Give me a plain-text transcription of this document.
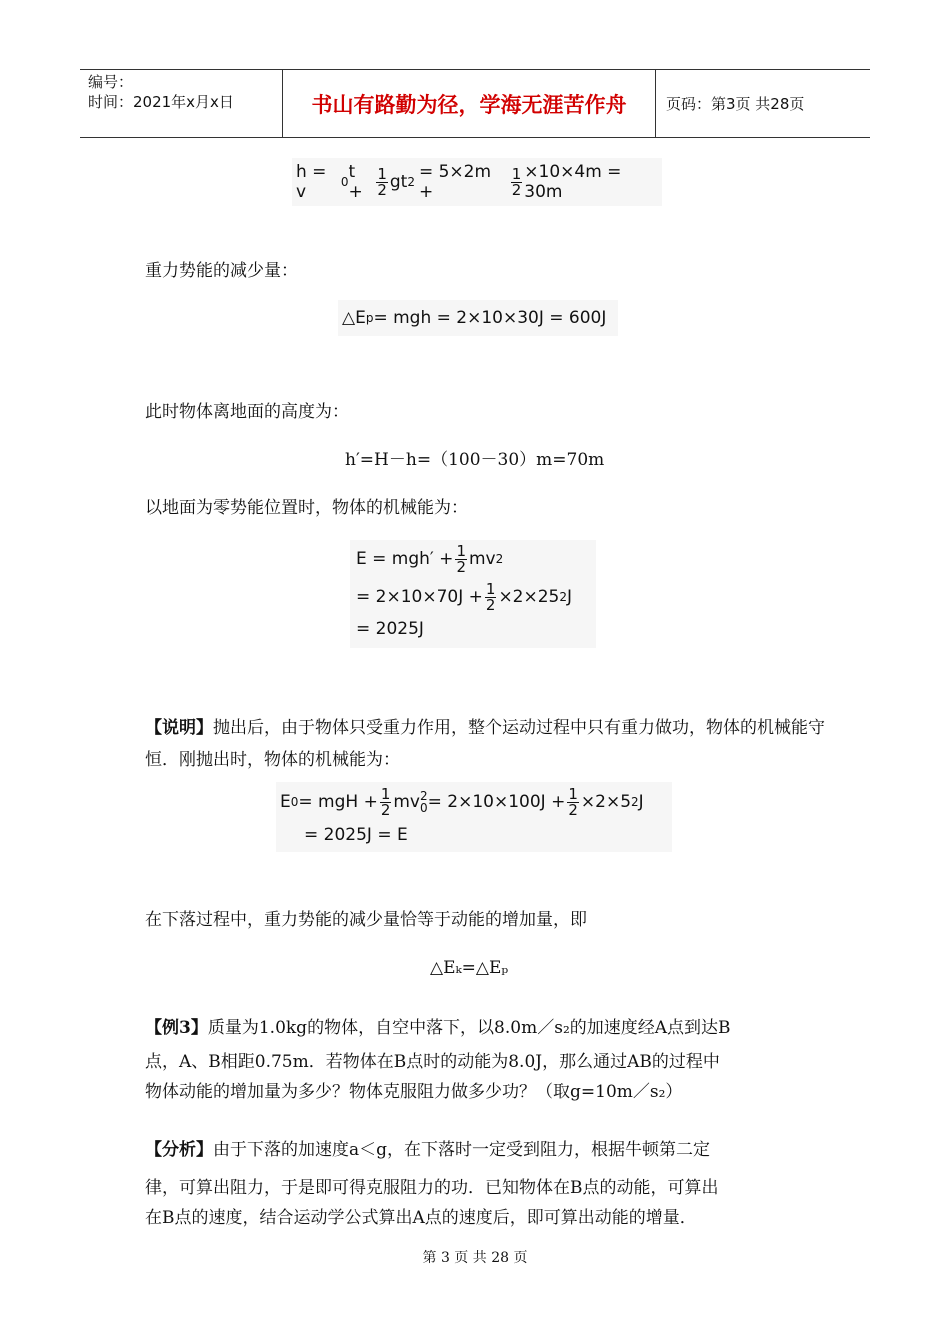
编号：
时间：2021年x月x日	书山有路勤为径，学海无涯苦作舟	页码：第3页 共28页
h = v	0 $t + \frac{1}{2}$ gt 2 = 5×2m +	$\frac{1}{2} \times 10\times 4m = 30m$
重力势能的减少量：
△E p = mgh = 2×10×30J = 600J
此时物体离地面的高度为：
h′=H－h=（100－30）m=70m
以地面为零势能位置时，物体的机械能为：
$E = mgh' + \frac{1}{2}$ mv 2
= $2\times 10\times 70J + \frac{1}{2} \times 2\times 25$ 2 J
= 2025J
【说明】抛出后，由于物体只受重力作用，整个运动过程中只有重力做功，物体的机械能守恒．刚抛出时，物体的机械能为：
E 0 = mgH + $\frac{1}{2}$ mv 2
$0 = 2\times 10\times 100J + \frac{1}{2} \times 2\times 5$ 2 J
= 2025J = E
在下落过程中，重力势能的减少量恰等于动能的增加量，即
△Eₖ=△Eₚ
【例3】质量为1.0kg的物体，自空中落下，以8.0m／s₂的加速度经A点到达B
点，A、B相距0.75m．若物体在B点时的动能为8.0J，那么通过AB的过程中
物体动能的增加量为多少？物体克服阻力做多少功？（取g=10m／s₂）
【分析】由于下落的加速度a＜g，在下落时一定受到阻力，根据牛顿第二定
律，可算出阻力，于是即可得克服阻力的功．已知物体在B点的动能，可算出
在B点的速度，结合运动学公式算出A点的速度后，即可算出动能的增量．
第 3 页 共 28 页
